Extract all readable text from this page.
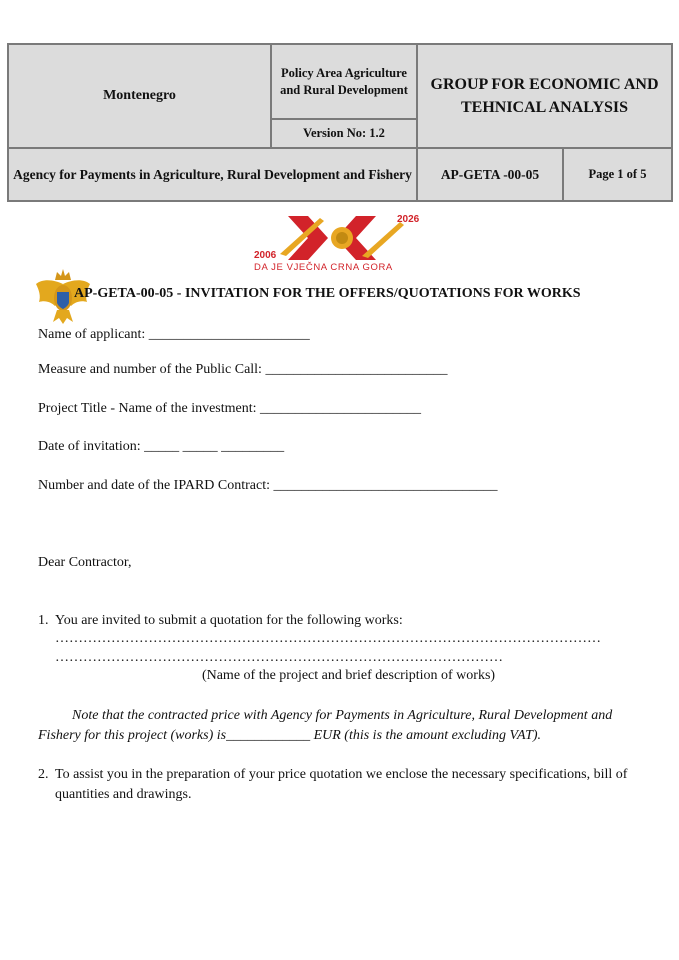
Montenegro	Policy Area Agriculture and Rural Development	GROUP FOR ECONOMIC AND TEHNICAL ANALYSIS	
	Version No: 1.2		
Agency for Payments in Agriculture, Rural Development and Fishery		AP-GETA -00-05	Page 1 of 5
2006
2026
DA JE VJEČNA CRNA GORA
AP-GETA-00-05 - INVITATION FOR THE OFFERS/QUOTATIONS FOR WORKS
Name of applicant: _______________________
Measure and number of the Public Call: __________________________
Project Title - Name of the investment: _______________________
Date of invitation: _____ _____ _________
Number and date of the IPARD Contract: ________________________________
Dear Contractor,
1. You are invited to submit a quotation for the following works:
………………………………………………………………………………………………………
……………………………………………………………………………………
(Name of the project and brief description of works)
Note that the contracted price with Agency for Payments in Agriculture, Rural Development and Fishery for this project (works) is____________ EUR (this is the amount excluding VAT).
2. To assist you in the preparation of your price quotation we enclose the necessary specifications, bill of quantities and drawings.
